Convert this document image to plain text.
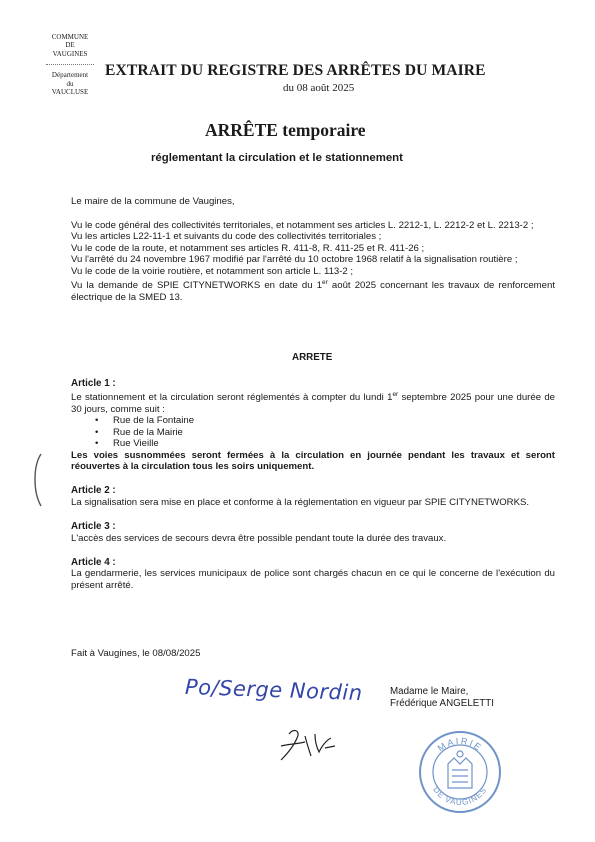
COMMUNE
DE
VAUGINES
Département
du
VAUCLUSE
EXTRAIT DU REGISTRE DES ARRÊTES DU MAIRE
du 08 août 2025
ARRÊTE temporaire
réglementant la circulation et le stationnement
Le maire de la commune de Vaugines,

Vu le code général des collectivités territoriales, et notamment ses articles L. 2212-1, L. 2212-2 et L. 2213-2 ;

Vu les articles L22-11-1 et suivants du code des collectivités territoriales ;

Vu le code de la route, et notamment ses articles R. 411-8, R. 411-25 et R. 411-26 ;

Vu l'arrêté du 24 novembre 1967 modifié par l'arrêté du 10 octobre 1968 relatif à la signalisation routière ;

Vu le code de la voirie routière, et notamment son article L. 113-2 ;

Vu la demande de SPIE CITYNETWORKS en date du 1er août 2025 concernant les travaux de renforcement électrique de la SMED 13.

ARRETE

Article 1 :

Le stationnement et la circulation seront réglementés à compter du lundi 1er septembre 2025 pour une durée de 30 jours, comme suit :

• Rue de la Fontaine
• Rue de la Mairie
• Rue Vieille

Les voies susnommées seront fermées à la circulation en journée pendant les travaux et seront réouvertes à la circulation tous les soirs uniquement.

Article 2 :

La signalisation sera mise en place et conforme à la réglementation en vigueur par SPIE CITYNETWORKS.

Article 3 :

L'accès des services de secours devra être possible pendant toute la durée des travaux.

Article 4 :

La gendarmerie, les services municipaux de police sont chargés chacun en ce qui le concerne de l'exécution du présent arrêté.

Fait à Vaugines, le 08/08/2025
Po/Serge Nordin	Madame le Maire,
Frédérique ANGELETTI
MAIRIE
DE VAUGINES
